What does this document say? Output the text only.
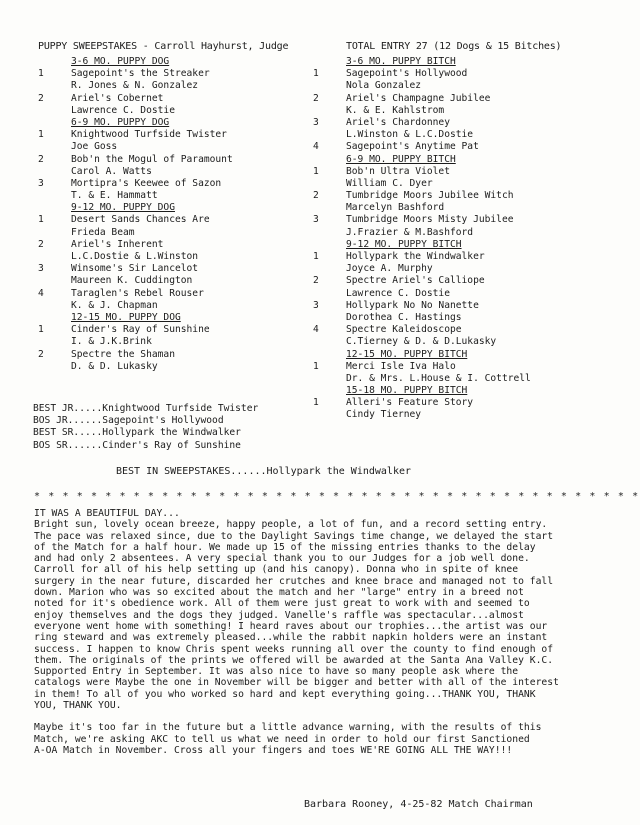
PUPPY SWEEPSTAKES - Carroll Hayhurst, Judge	TOTAL ENTRY 27 (12 Dogs & 15 Bitches)
3-6 MO. PUPPY DOG
1	Sagepoint's the Streaker
R. Jones & N. Gonzalez
2	Ariel's Cobernet
Lawrence C. Dostie
6-9 MO. PUPPY DOG
1	Knightwood Turfside Twister
Joe Goss
2	Bob'n the Mogul of Paramount
Carol A. Watts
3	Mortipra's Keewee of Sazon
T. & E. Hammatt
9-12 MO. PUPPY DOG
1	Desert Sands Chances Are
Frieda Beam
2	Ariel's Inherent
L.C.Dostie & L.Winston
3	Winsome's Sir Lancelot
Maureen K. Cuddington
4	Taraglen's Rebel Rouser
K. & J. Chapman
12-15 MO. PUPPY DOG
1	Cinder's Ray of Sunshine
I. & J.K.Brink
2	Spectre the Shaman
D. & D. Lukasky
3-6 MO. PUPPY BITCH
1	Sagepoint's Hollywood
Nola Gonzalez
2	Ariel's Champagne Jubilee
K. & E. Kahlstrom
3	Ariel's Chardonney
L.Winston & L.C.Dostie
4	Sagepoint's Anytime Pat
6-9 MO. PUPPY BITCH
1	Bob'n Ultra Violet
William C. Dyer
2	Tumbridge Moors Jubilee Witch
Marcelyn Bashford
3	Tumbridge Moors Misty Jubilee
J.Frazier & M.Bashford
9-12 MO. PUPPY BITCH
1	Hollypark the Windwalker
Joyce A. Murphy
2	Spectre Ariel's Calliope
Lawrence C. Dostie
3	Hollypark No No Nanette
Dorothea C. Hastings
4	Spectre Kaleidoscope
C.Tierney & D. & D.Lukasky
12-15 MO. PUPPY BITCH
1	Merci Isle Iva Halo
Dr. & Mrs. L.House & I. Cottrell
15-18 MO. PUPPY BITCH
1	Alleri's Feature Story
Cindy Tierney
BEST JR.....Knightwood Turfside Twister
BOS JR......Sagepoint's Hollywood
BEST SR.....Hollypark the Windwalker
BOS SR......Cinder's Ray of Sunshine
BEST IN SWEEPSTAKES......Hollypark the Windwalker
* * * * * * * * * * * * * * * * * * * * * * * * * * * * * * * * * * * * * * * * * * *

IT WAS A BEAUTIFUL DAY...

Bright sun, lovely ocean breeze, happy people, a lot of fun, and a record setting entry.

The pace was relaxed since, due to the Daylight Savings time change, we delayed the start

of the Match for a half hour. We made up 15 of the missing entries thanks to the delay

and had only 2 absentees. A very special thank you to our Judges for a job well done.

Carroll for all of his help setting up (and his canopy). Donna who in spite of knee

surgery in the near future, discarded her crutches and knee brace and managed not to fall

down. Marion who was so excited about the match and her "large" entry in a breed not

noted for it's obedience work. All of them were just great to work with and seemed to

enjoy themselves and the dogs they judged. Vanelle's raffle was spectacular...almost

everyone went home with something! I heard raves about our trophies...the artist was our

ring steward and was extremely pleased...while the rabbit napkin holders were an instant

success. I happen to know Chris spent weeks running all over the county to find enough of

them. The originals of the prints we offered will be awarded at the Santa Ana Valley K.C.

Supported Entry in September. It was also nice to have so many people ask where the

catalogs were Maybe the one in November will be bigger and better with all of the interest

in them! To all of you who worked so hard and kept everything going...THANK YOU, THANK

YOU, THANK YOU.

Maybe it's too far in the future but a little advance warning, with the results of this

Match, we're asking AKC to tell us what we need in order to hold our first Sanctioned

A-OA Match in November. Cross all your fingers and toes WE'RE GOING ALL THE WAY!!!

Barbara Rooney, 4-25-82 Match Chairman
